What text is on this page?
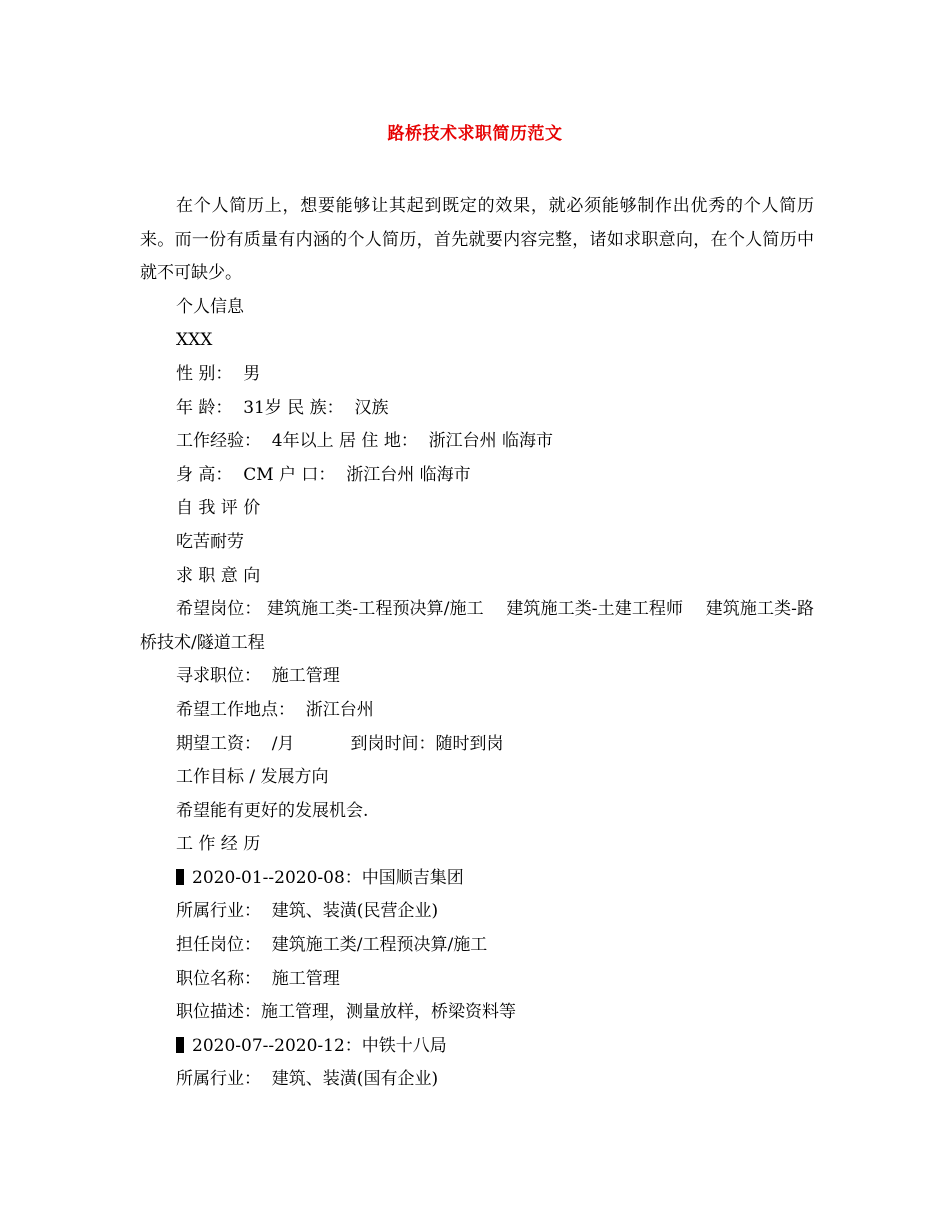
路桥技术求职简历范文

在个人简历上，想要能够让其起到既定的效果，就必须能够制作出优秀的个人简历来。而一份有质量有内涵的个人简历，首先就要内容完整，诸如求职意向，在个人简历中就不可缺少。

个人信息

XXX

性 别：  男

年 龄：  31岁 民 族：  汉族

工作经验：  4年以上 居 住 地：  浙江台州 临海市

身 高：  CM 户 口：  浙江台州 临海市

自 我 评 价

吃苦耐劳

求 职 意 向

希望岗位： 建筑施工类-工程预决算/施工　 建筑施工类-土建工程师　 建筑施工类-路桥技术/隧道工程

寻求职位：  施工管理

希望工作地点：  浙江台州

期望工资：  /月	到岗时间：随时到岗

工作目标 / 发展方向

希望能有更好的发展机会.

工 作 经 历

2020-01--2020-08：中国顺吉集团

所属行业：  建筑、装潢(民营企业)

担任岗位：  建筑施工类/工程预决算/施工

职位名称：  施工管理

职位描述：施工管理，测量放样，桥梁资料等

2020-07--2020-12：中铁十八局

所属行业：  建筑、装潢(国有企业)
